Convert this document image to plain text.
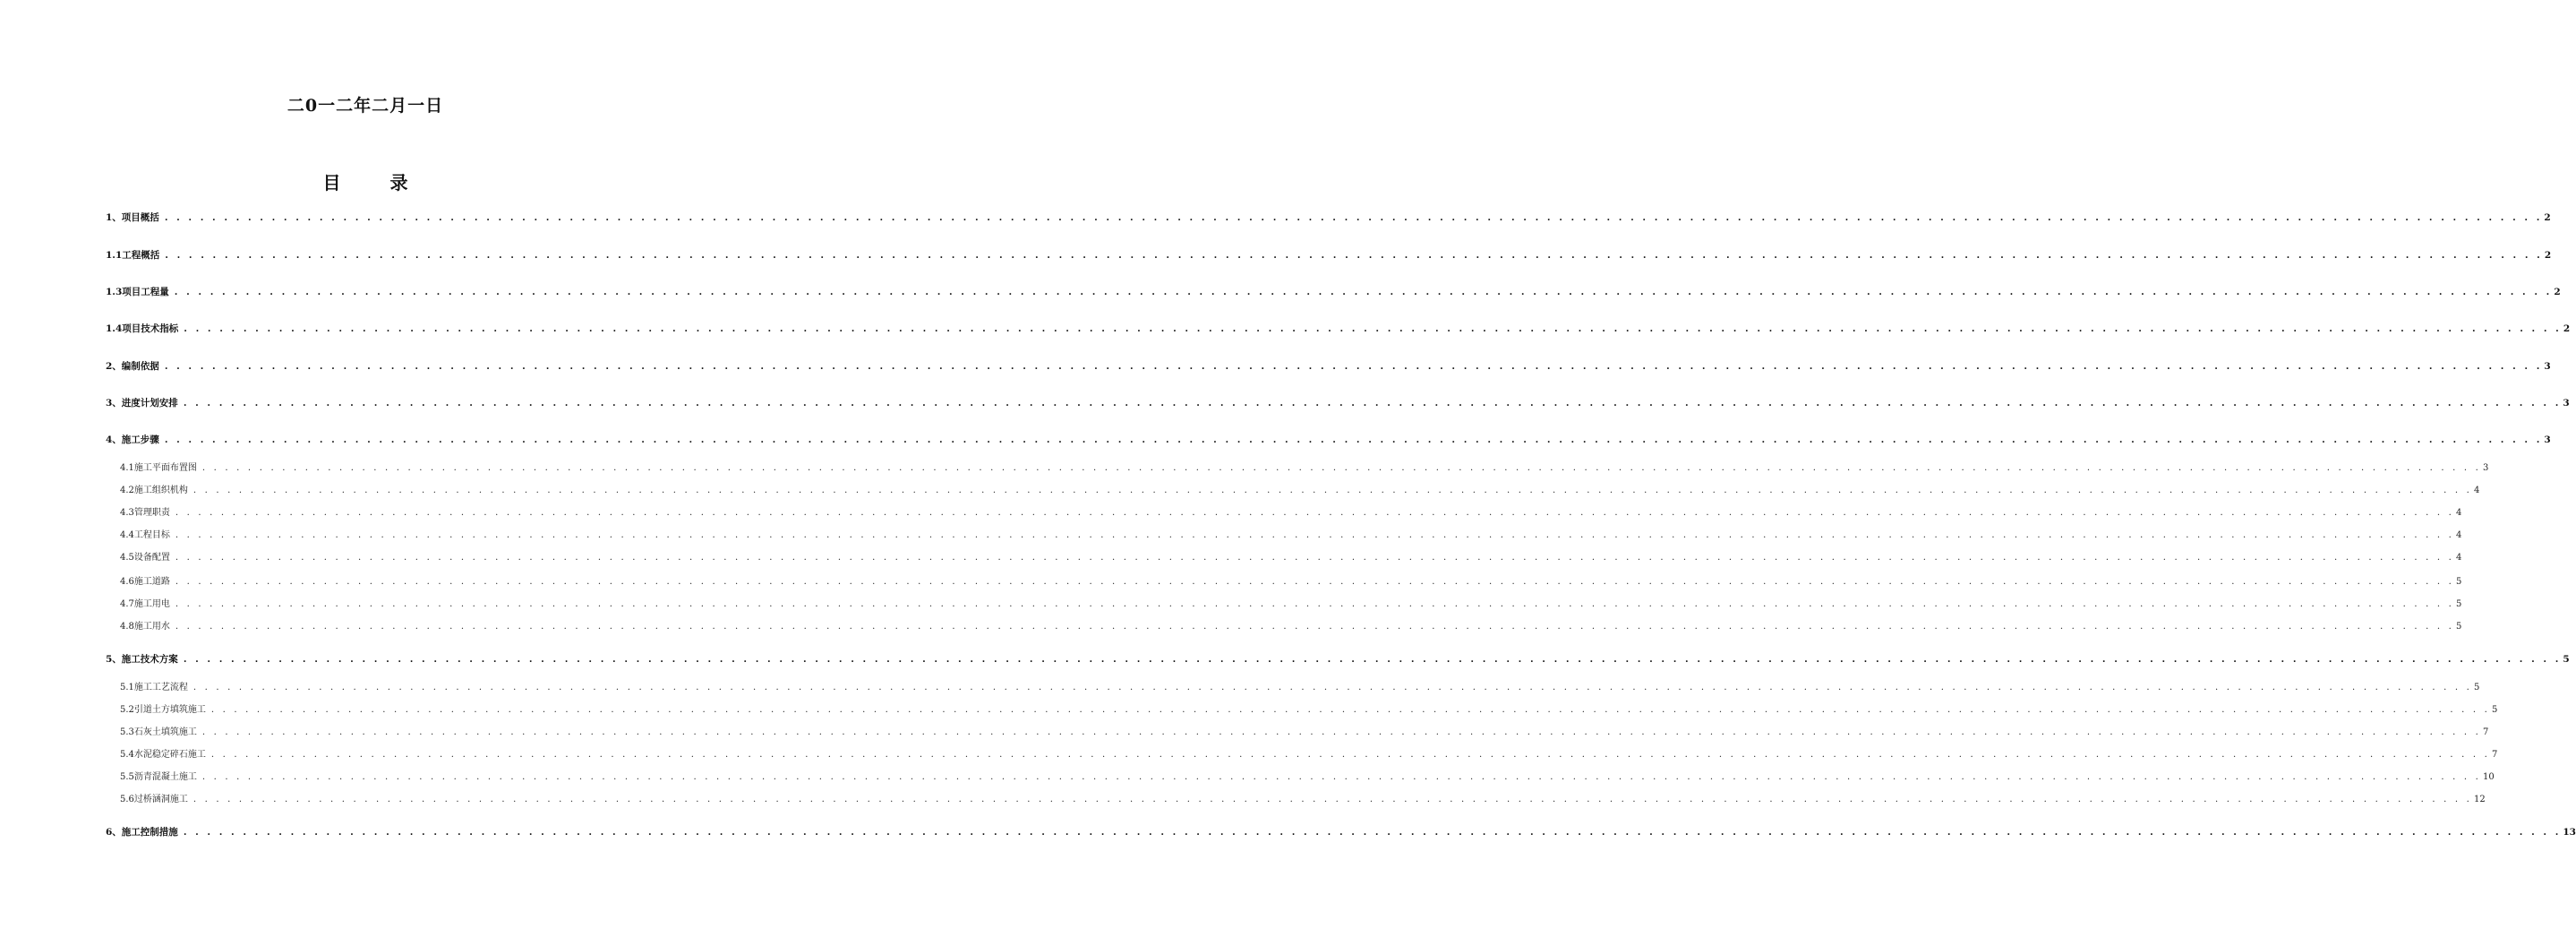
二0一二年二月一日
目 录
1、项目概括 . . . . . . . . . . . . . . . . . . . . . . . . . . . . . . . . . . . . . . . . . . . . . . . . . . . . . . . . . . . . . . . . . . . . . . . . . . . . . . . . . . . . . . . . . . . . . . . . . . . . . . . . . . . . . . . . . . . . . . . . . . . . . . . . . . . . . . . . . . . . . . . . . . . . . . . . . . . . . . . . . . . . . . . . . . . . . . . . . . . . . . . . . . . . . . . . . . . . . . . . 2
1.1工程概括 . . . . . . . . . . . . . . . . . . . . . . . . . . . . . . . . . . . . . . . . . . . . . . . . . . . . . . . . . . . . . . . . . . . . . . . . . . . . . . . . . . . . . . . . . . . . . . . . . . . . . . . . . . . . . . . . . . . . . . . . . . . . . . . . . . . . . . . . . . . . . . . . . . . . . . . . . . . . . . . . . . . . . . . . . . . . . . . . . . . . . . . . . . . . . . . . . . . . . . . . 2
1.3项目工程量 . . . . . . . . . . . . . . . . . . . . . . . . . . . . . . . . . . . . . . . . . . . . . . . . . . . . . . . . . . . . . . . . . . . . . . . . . . . . . . . . . . . . . . . . . . . . . . . . . . . . . . . . . . . . . . . . . . . . . . . . . . . . . . . . . . . . . . . . . . . . . . . . . . . . . . . . . . . . . . . . . . . . . . . . . . . . . . . . . . . . . . . . . . . . . . . . . . . . . . . . 2
1.4项目技术指标 . . . . . . . . . . . . . . . . . . . . . . . . . . . . . . . . . . . . . . . . . . . . . . . . . . . . . . . . . . . . . . . . . . . . . . . . . . . . . . . . . . . . . . . . . . . . . . . . . . . . . . . . . . . . . . . . . . . . . . . . . . . . . . . . . . . . . . . . . . . . . . . . . . . . . . . . . . . . . . . . . . . . . . . . . . . . . . . . . . . . . . . . . . . . . . . . . . . . . . . . 2
2、编制依据 . . . . . . . . . . . . . . . . . . . . . . . . . . . . . . . . . . . . . . . . . . . . . . . . . . . . . . . . . . . . . . . . . . . . . . . . . . . . . . . . . . . . . . . . . . . . . . . . . . . . . . . . . . . . . . . . . . . . . . . . . . . . . . . . . . . . . . . . . . . . . . . . . . . . . . . . . . . . . . . . . . . . . . . . . . . . . . . . . . . . . . . . . . . . . . . . . . . . . . . . 3
3、进度计划安排 . . . . . . . . . . . . . . . . . . . . . . . . . . . . . . . . . . . . . . . . . . . . . . . . . . . . . . . . . . . . . . . . . . . . . . . . . . . . . . . . . . . . . . . . . . . . . . . . . . . . . . . . . . . . . . . . . . . . . . . . . . . . . . . . . . . . . . . . . . . . . . . . . . . . . . . . . . . . . . . . . . . . . . . . . . . . . . . . . . . . . . . . . . . . . . . . . . . . . . . . 3
4、施工步骤 . . . . . . . . . . . . . . . . . . . . . . . . . . . . . . . . . . . . . . . . . . . . . . . . . . . . . . . . . . . . . . . . . . . . . . . . . . . . . . . . . . . . . . . . . . . . . . . . . . . . . . . . . . . . . . . . . . . . . . . . . . . . . . . . . . . . . . . . . . . . . . . . . . . . . . . . . . . . . . . . . . . . . . . . . . . . . . . . . . . . . . . . . . . . . . . . . . . . . . . . 3
4.1施工平面布置图 . . . . . . . . . . . . . . . . . . . . . . . . . . . . . . . . . . . . . . . . . . . . . . . . . . . . . . . . . . . . . . . . . . . . . . . . . . . . . . . . . . . . . . . . . . . . . . . . . . . . . . . . . . . . . . . . . . . . . . . . . . . . . . . . . . . . . . . . . . . . . . . . . . . . . . . . . . . . . . . . . . . . . . . . . . . . . . . . . . . . . . . . . . . . . . . . . . . . . . . . 3
4.2施工组织机构 . . . . . . . . . . . . . . . . . . . . . . . . . . . . . . . . . . . . . . . . . . . . . . . . . . . . . . . . . . . . . . . . . . . . . . . . . . . . . . . . . . . . . . . . . . . . . . . . . . . . . . . . . . . . . . . . . . . . . . . . . . . . . . . . . . . . . . . . . . . . . . . . . . . . . . . . . . . . . . . . . . . . . . . . . . . . . . . . . . . . . . . . . . . . . . . . . . . . . . . . 4
4.3管理职责 . . . . . . . . . . . . . . . . . . . . . . . . . . . . . . . . . . . . . . . . . . . . . . . . . . . . . . . . . . . . . . . . . . . . . . . . . . . . . . . . . . . . . . . . . . . . . . . . . . . . . . . . . . . . . . . . . . . . . . . . . . . . . . . . . . . . . . . . . . . . . . . . . . . . . . . . . . . . . . . . . . . . . . . . . . . . . . . . . . . . . . . . . . . . . . . . . . . . . . . . 4
4.4工程目标 . . . . . . . . . . . . . . . . . . . . . . . . . . . . . . . . . . . . . . . . . . . . . . . . . . . . . . . . . . . . . . . . . . . . . . . . . . . . . . . . . . . . . . . . . . . . . . . . . . . . . . . . . . . . . . . . . . . . . . . . . . . . . . . . . . . . . . . . . . . . . . . . . . . . . . . . . . . . . . . . . . . . . . . . . . . . . . . . . . . . . . . . . . . . . . . . . . . . . . . . 4
4.5设备配置 . . . . . . . . . . . . . . . . . . . . . . . . . . . . . . . . . . . . . . . . . . . . . . . . . . . . . . . . . . . . . . . . . . . . . . . . . . . . . . . . . . . . . . . . . . . . . . . . . . . . . . . . . . . . . . . . . . . . . . . . . . . . . . . . . . . . . . . . . . . . . . . . . . . . . . . . . . . . . . . . . . . . . . . . . . . . . . . . . . . . . . . . . . . . . . . . . . . . . . . . 4
4.6施工道路 . . . . . . . . . . . . . . . . . . . . . . . . . . . . . . . . . . . . . . . . . . . . . . . . . . . . . . . . . . . . . . . . . . . . . . . . . . . . . . . . . . . . . . . . . . . . . . . . . . . . . . . . . . . . . . . . . . . . . . . . . . . . . . . . . . . . . . . . . . . . . . . . . . . . . . . . . . . . . . . . . . . . . . . . . . . . . . . . . . . . . . . . . . . . . . . . . . . . . . . . 5
4.7施工用电 . . . . . . . . . . . . . . . . . . . . . . . . . . . . . . . . . . . . . . . . . . . . . . . . . . . . . . . . . . . . . . . . . . . . . . . . . . . . . . . . . . . . . . . . . . . . . . . . . . . . . . . . . . . . . . . . . . . . . . . . . . . . . . . . . . . . . . . . . . . . . . . . . . . . . . . . . . . . . . . . . . . . . . . . . . . . . . . . . . . . . . . . . . . . . . . . . . . . . . . . 5
4.8施工用水 . . . . . . . . . . . . . . . . . . . . . . . . . . . . . . . . . . . . . . . . . . . . . . . . . . . . . . . . . . . . . . . . . . . . . . . . . . . . . . . . . . . . . . . . . . . . . . . . . . . . . . . . . . . . . . . . . . . . . . . . . . . . . . . . . . . . . . . . . . . . . . . . . . . . . . . . . . . . . . . . . . . . . . . . . . . . . . . . . . . . . . . . . . . . . . . . . . . . . . . . 5
5、施工技术方案 . . . . . . . . . . . . . . . . . . . . . . . . . . . . . . . . . . . . . . . . . . . . . . . . . . . . . . . . . . . . . . . . . . . . . . . . . . . . . . . . . . . . . . . . . . . . . . . . . . . . . . . . . . . . . . . . . . . . . . . . . . . . . . . . . . . . . . . . . . . . . . . . . . . . . . . . . . . . . . . . . . . . . . . . . . . . . . . . . . . . . . . . . . . . . . . . . . . . . . . . 5
5.1施工工艺流程 . . . . . . . . . . . . . . . . . . . . . . . . . . . . . . . . . . . . . . . . . . . . . . . . . . . . . . . . . . . . . . . . . . . . . . . . . . . . . . . . . . . . . . . . . . . . . . . . . . . . . . . . . . . . . . . . . . . . . . . . . . . . . . . . . . . . . . . . . . . . . . . . . . . . . . . . . . . . . . . . . . . . . . . . . . . . . . . . . . . . . . . . . . . . . . . . . . . . . . . . 5
5.2引道土方填筑施工 . . . . . . . . . . . . . . . . . . . . . . . . . . . . . . . . . . . . . . . . . . . . . . . . . . . . . . . . . . . . . . . . . . . . . . . . . . . . . . . . . . . . . . . . . . . . . . . . . . . . . . . . . . . . . . . . . . . . . . . . . . . . . . . . . . . . . . . . . . . . . . . . . . . . . . . . . . . . . . . . . . . . . . . . . . . . . . . . . . . . . . . . . . . . . . . . . . . . . . . . 5
5.3石灰土填筑施工 . . . . . . . . . . . . . . . . . . . . . . . . . . . . . . . . . . . . . . . . . . . . . . . . . . . . . . . . . . . . . . . . . . . . . . . . . . . . . . . . . . . . . . . . . . . . . . . . . . . . . . . . . . . . . . . . . . . . . . . . . . . . . . . . . . . . . . . . . . . . . . . . . . . . . . . . . . . . . . . . . . . . . . . . . . . . . . . . . . . . . . . . . . . . . . . . . . . . . . . . 7
5.4水泥稳定碎石施工 . . . . . . . . . . . . . . . . . . . . . . . . . . . . . . . . . . . . . . . . . . . . . . . . . . . . . . . . . . . . . . . . . . . . . . . . . . . . . . . . . . . . . . . . . . . . . . . . . . . . . . . . . . . . . . . . . . . . . . . . . . . . . . . . . . . . . . . . . . . . . . . . . . . . . . . . . . . . . . . . . . . . . . . . . . . . . . . . . . . . . . . . . . . . . . . . . . . . . . . . 7
5.5沥青混凝土施工 . . . . . . . . . . . . . . . . . . . . . . . . . . . . . . . . . . . . . . . . . . . . . . . . . . . . . . . . . . . . . . . . . . . . . . . . . . . . . . . . . . . . . . . . . . . . . . . . . . . . . . . . . . . . . . . . . . . . . . . . . . . . . . . . . . . . . . . . . . . . . . . . . . . . . . . . . . . . . . . . . . . . . . . . . . . . . . . . . . . . . . . . . . . . . . . . . . . . . . . . 10
5.6过桥涵洞施工 . . . . . . . . . . . . . . . . . . . . . . . . . . . . . . . . . . . . . . . . . . . . . . . . . . . . . . . . . . . . . . . . . . . . . . . . . . . . . . . . . . . . . . . . . . . . . . . . . . . . . . . . . . . . . . . . . . . . . . . . . . . . . . . . . . . . . . . . . . . . . . . . . . . . . . . . . . . . . . . . . . . . . . . . . . . . . . . . . . . . . . . . . . . . . . . . . . . . . . . . 12
6、施工控制措施 . . . . . . . . . . . . . . . . . . . . . . . . . . . . . . . . . . . . . . . . . . . . . . . . . . . . . . . . . . . . . . . . . . . . . . . . . . . . . . . . . . . . . . . . . . . . . . . . . . . . . . . . . . . . . . . . . . . . . . . . . . . . . . . . . . . . . . . . . . . . . . . . . . . . . . . . . . . . . . . . . . . . . . . . . . . . . . . . . . . . . . . . . . . . . . . . . . . . . . . . 13
